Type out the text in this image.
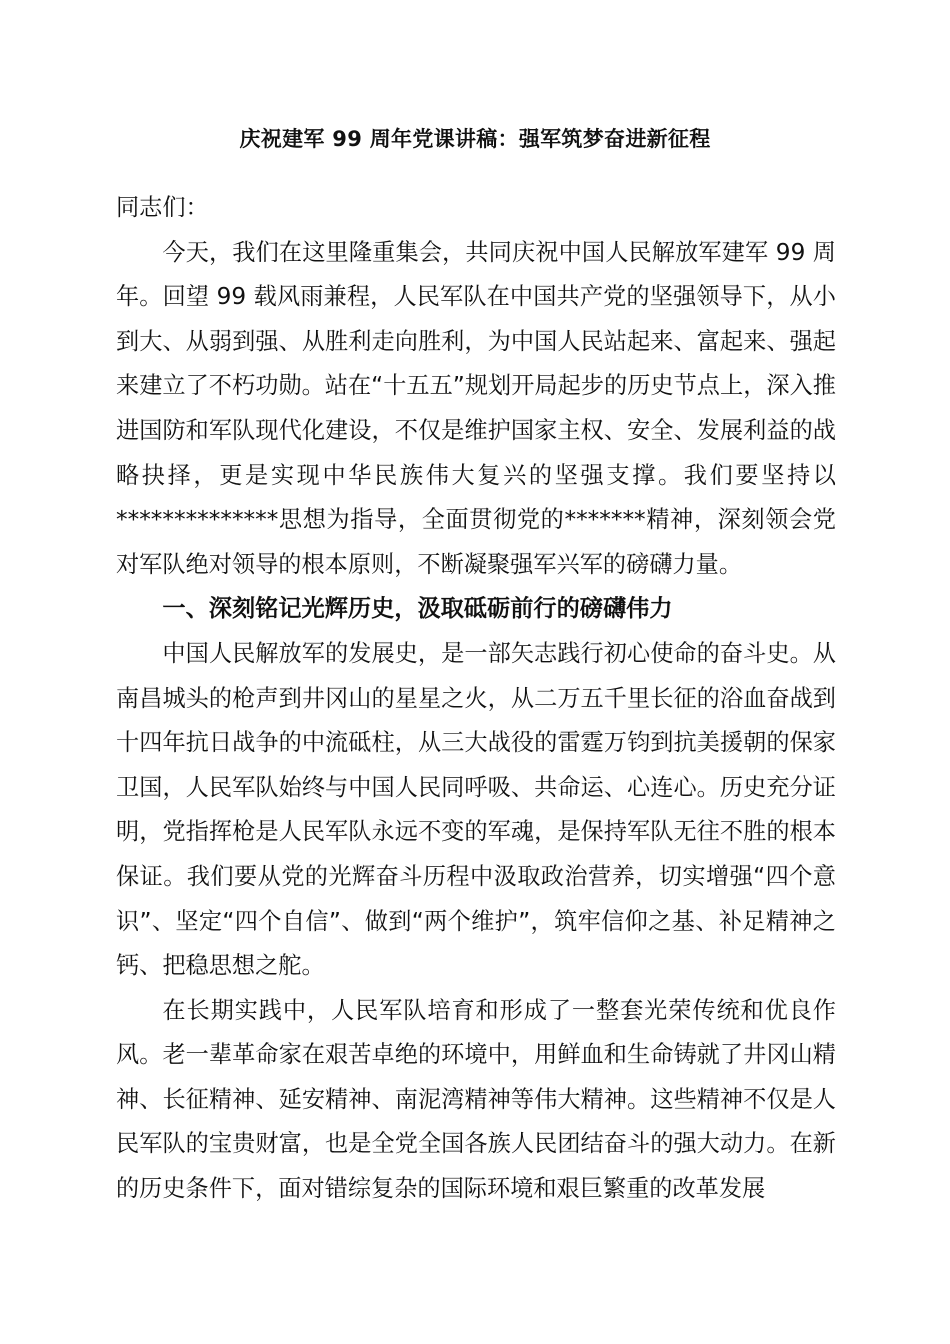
庆祝建军 99 周年党课讲稿：强军筑梦奋进新征程

同志们：

今天，我们在这里隆重集会，共同庆祝中国人民解放军建军 99 周年。回望 99 载风雨兼程，人民军队在中国共产党的坚强领导下，从小到大、从弱到强、从胜利走向胜利，为中国人民站起来、富起来、强起来建立了不朽功勋。站在“十五五”规划开局起步的历史节点上，深入推进国防和军队现代化建设，不仅是维护国家主权、安全、发展利益的战略抉择，更是实现中华民族伟大复兴的坚强支撑。我们要坚持以**************思想为指导，全面贯彻党的*******精神，深刻领会党对军队绝对领导的根本原则，不断凝聚强军兴军的磅礴力量。

一、深刻铭记光辉历史，汲取砥砺前行的磅礴伟力

中国人民解放军的发展史，是一部矢志践行初心使命的奋斗史。从南昌城头的枪声到井冈山的星星之火，从二万五千里长征的浴血奋战到十四年抗日战争的中流砥柱，从三大战役的雷霆万钧到抗美援朝的保家卫国，人民军队始终与中国人民同呼吸、共命运、心连心。历史充分证明，党指挥枪是人民军队永远不变的军魂，是保持军队无往不胜的根本保证。我们要从党的光辉奋斗历程中汲取政治营养，切实增强“四个意识”、坚定“四个自信”、做到“两个维护”，筑牢信仰之基、补足精神之钙、把稳思想之舵。

在长期实践中，人民军队培育和形成了一整套光荣传统和优良作风。老一辈革命家在艰苦卓绝的环境中，用鲜血和生命铸就了井冈山精神、长征精神、延安精神、南泥湾精神等伟大精神。这些精神不仅是人民军队的宝贵财富，也是全党全国各族人民团结奋斗的强大动力。在新的历史条件下，面对错综复杂的国际环境和艰巨繁重的改革发展
